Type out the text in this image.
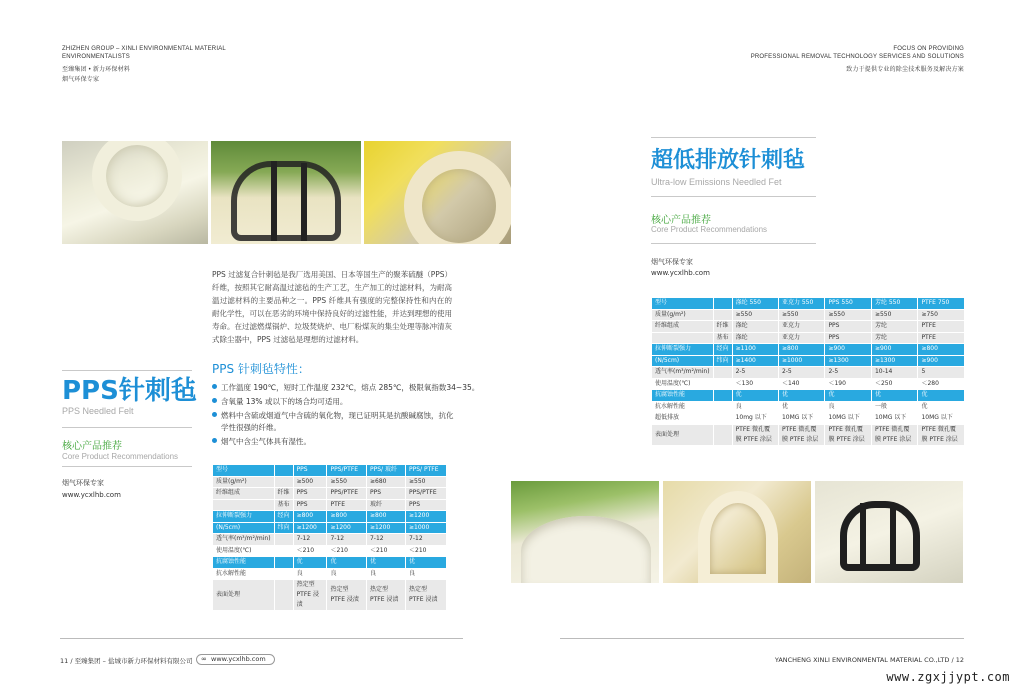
ZHIZHEN GROUP – XINLI ENVIRONMENTAL MATERIAL
ENVIRONMENTALISTS
至臻集团 • 新力环保材料
烟气环保专家
FOCUS ON PROVIDING
PROFESSIONAL REMOVAL TECHNOLOGY SERVICES AND SOLUTIONS
致力于提供专业的除尘技术服务及解决方案
PPS针刺毡
PPS Needled Felt
核心产品推荐
Core Product Recommendations
烟气环保专家
www.ycxlhb.com
PPS 过滤复合针刺毡是我厂选用美国、日本等国生产的聚苯硫醚（PPS）纤维，按照其它耐高温过滤毡的生产工艺，生产加工的过滤材料，为耐高温过滤材料的主要品种之一。PPS 纤维具有强度的完整保持性和内在的耐化学性，可以在恶劣的环境中保持良好的过滤性能，并达到理想的使用寿命。在过滤燃煤锅炉、垃圾焚烧炉、电厂粉煤灰的集尘处理等脉冲清灰式除尘器中，PPS 过滤毡是理想的过滤材料。
PPS 针刺毡特性：
工作温度 190℃，短时工作温度 232℃，熔点 285℃，极限氧指数34~35。
含氧量 13% 或以下的场合均可适用。
燃料中含硫或烟道气中含硫的氧化物，现已证明其是抗酸碱腐蚀，抗化
学性很强的纤维。
烟气中含尘气体具有湿性。
型号		PPS	PPS/PTFE	PPS/ 玻纤	PPS/ PTFE
质量(g/m²)		≥500	≥550	≥680	≥550
纤维组成	纤维	PPS	PPS/PTFE	PPS	PPS/PTFE
	基布	PPS	PTFE	玻纤	PPS
拉伸断裂强力	经向	≥800	≥800	≥800	≥1200
(N/5cm)	纬向	≥1200	≥1200	≥1200	≥1000
透气率(m³/m²/min)		7-12	7-12	7-12	7-12
使用温度(℃)		＜210	＜210	＜210	＜210
抗腐蚀性能		优	优	优	优
抗水解性能		良	良	良	良
表面处理		热定型 PTFE 浸渍	热定型 PTFE 浸渍	热定型 PTFE 浸渍	热定型 PTFE 浸渍
超低排放针刺毡
Ultra-low Emissions Needled Fet
核心产品推荐
Core Product Recommendations
烟气环保专家
www.ycxlhb.com
型号		涤纶 550	亚克力 550	PPS 550	芳纶 550	PTFE 750
质量(g/m²)		≥550	≥550	≥550	≥550	≥750
纤维组成	纤维	涤纶	亚克力	PPS	芳纶	PTFE
	基布	涤纶	亚克力	PPS	芳纶	PTFE
拉伸断裂强力	经向	≥1100	≥800	≥900	≥900	≥800
(N/5cm)	纬向	≥1400	≥1000	≥1300	≥1300	≥900
透气率(m³/m²/min)		2-5	2-5	2-5	10-14	5
使用温度(℃)		＜130	＜140	＜190	＜250	＜280
抗腐蚀性能		优	优	优	优	优
抗水解性能		良	优	良	一般	优
超低排放		10mg 以下	10MG 以下	10MG 以下	10MG 以下	10MG 以下
表面处理		PTFE 微孔覆膜 PTFE 涂层	PTFE 微孔覆膜 PTFE 涂层	PTFE 微孔覆膜 PTFE 涂层	PTFE 微孔覆膜 PTFE 涂层	PTFE 微孔覆膜 PTFE 涂层
11 / 至臻集团 – 盐城市新力环保材料有限公司 ∞ www.ycxlhb.com	YANCHENG XINLI ENVIRONMENTAL MATERIAL CO.,LTD / 12
www.zgxjjypt.com
